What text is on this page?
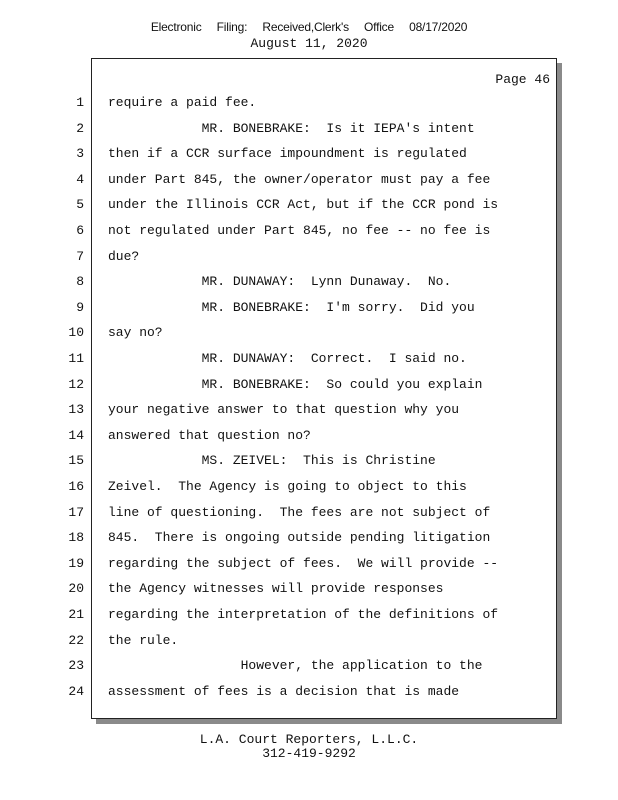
Electronic Filing: Received,Clerk's Office 08/17/2020
August 11, 2020
Page 46
1 require a paid fee.
2 MR. BONEBRAKE:  Is it IEPA's intent
3 then if a CCR surface impoundment is regulated
4 under Part 845, the owner/operator must pay a fee
5 under the Illinois CCR Act, but if the CCR pond is
6 not regulated under Part 845, no fee -- no fee is
7 due?
8 MR. DUNAWAY:  Lynn Dunaway.  No.
9 MR. BONEBRAKE:  I'm sorry.  Did you
10 say no?
11 MR. DUNAWAY:  Correct.  I said no.
12 MR. BONEBRAKE:  So could you explain
13 your negative answer to that question why you
14 answered that question no?
15 MS. ZEIVEL:  This is Christine
16 Zeivel.  The Agency is going to object to this
17 line of questioning.  The fees are not subject of
18 845.  There is ongoing outside pending litigation
19 regarding the subject of fees.  We will provide --
20 the Agency witnesses will provide responses
21 regarding the interpretation of the definitions of
22 the rule.
23 However, the application to the
24 assessment of fees is a decision that is made
L.A. Court Reporters, L.L.C.
312-419-9292
